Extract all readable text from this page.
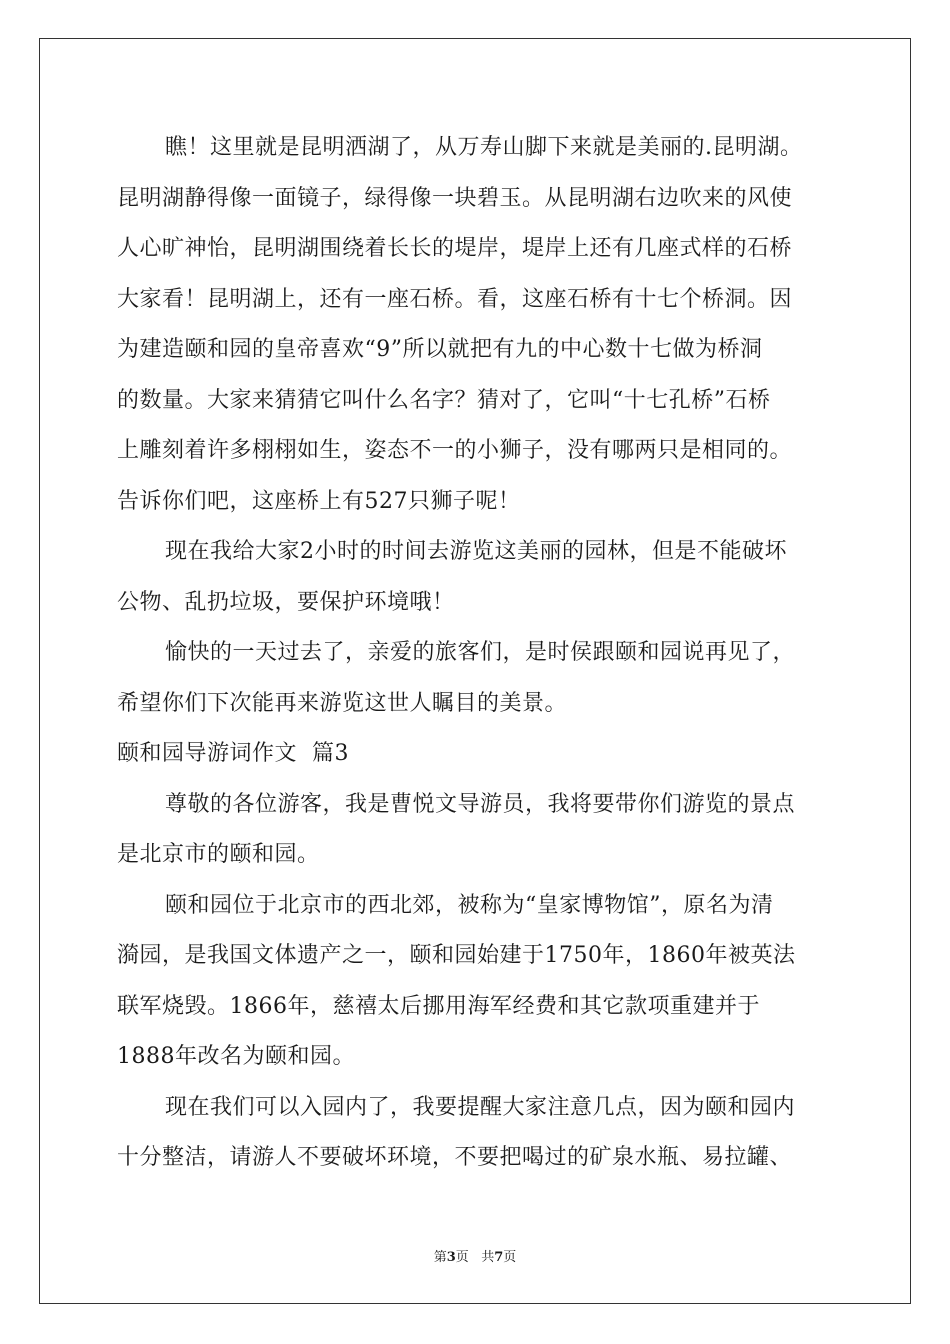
瞧！这里就是昆明洒湖了，从万寿山脚下来就是美丽的.昆明湖。
昆明湖静得像一面镜子，绿得像一块碧玉。从昆明湖右边吹来的风使
人心旷神怡，昆明湖围绕着长长的堤岸，堤岸上还有几座式样的石桥
大家看！昆明湖上，还有一座石桥。看，这座石桥有十七个桥洞。因
为建造颐和园的皇帝喜欢“9”所以就把有九的中心数十七做为桥洞
的数量。大家来猜猜它叫什么名字？猜对了，它叫“十七孔桥”石桥
上雕刻着许多栩栩如生，姿态不一的小狮子，没有哪两只是相同的。
告诉你们吧，这座桥上有527只狮子呢！
现在我给大家2小时的时间去游览这美丽的园林，但是不能破坏
公物、乱扔垃圾，要保护环境哦！
愉快的一天过去了，亲爱的旅客们，是时侯跟颐和园说再见了，
希望你们下次能再来游览这世人瞩目的美景。
颐和园导游词作文  篇3
尊敬的各位游客，我是曹悦文导游员，我将要带你们游览的景点
是北京市的颐和园。
颐和园位于北京市的西北郊，被称为“皇家博物馆”，原名为清
漪园，是我国文体遗产之一，颐和园始建于1750年，1860年被英法
联军烧毁。1866年，慈禧太后挪用海军经费和其它款项重建并于
1888年改名为颐和园。
现在我们可以入园内了，我要提醒大家注意几点，因为颐和园内
十分整洁，请游人不要破坏环境，不要把喝过的矿泉水瓶、易拉罐、
第3页 共7页
